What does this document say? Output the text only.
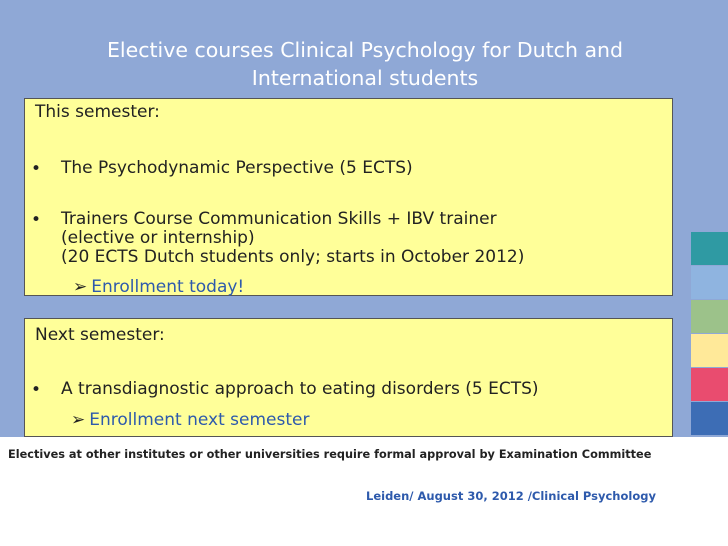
Elective courses Clinical Psychology for Dutch and
International students
This semester:
• The Psychodynamic Perspective (5 ECTS)
• Trainers Course Communication Skills + IBV trainer
(elective or internship)
(20 ECTS Dutch students only; starts in October 2012)
➢ Enrollment today!
Next semester:
• A transdiagnostic approach to eating disorders (5 ECTS)
➢ Enrollment next semester
Electives at other institutes or other universities require formal approval by Examination Committee
Leiden/ August 30, 2012 /Clinical Psychology
